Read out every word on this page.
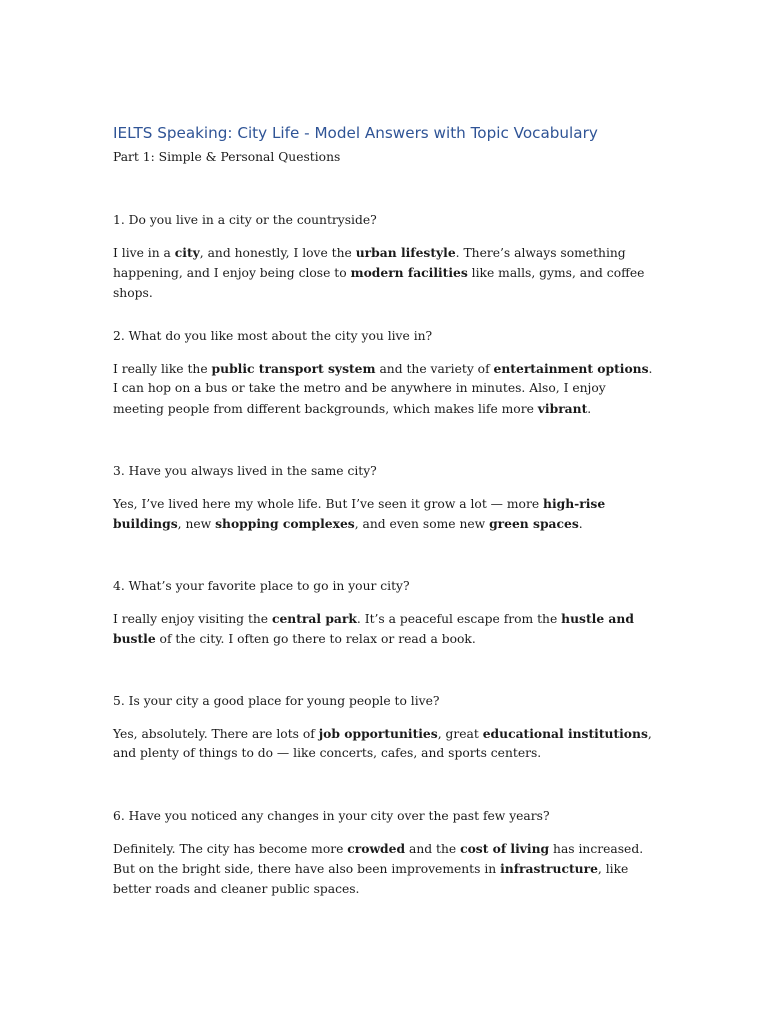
IELTS Speaking: City Life - Model Answers with Topic Vocabulary
Part 1: Simple & Personal Questions

1. Do you live in a city or the countryside?

I live in a city, and honestly, I love the urban lifestyle. There’s always something happening, and I enjoy being close to modern facilities like malls, gyms, and coffee shops.

2. What do you like most about the city you live in?

I really like the public transport system and the variety of entertainment options. I can hop on a bus or take the metro and be anywhere in minutes. Also, I enjoy meeting people from different backgrounds, which makes life more vibrant.

3. Have you always lived in the same city?

Yes, I’ve lived here my whole life. But I’ve seen it grow a lot — more high-rise buildings, new shopping complexes, and even some new green spaces.

4. What’s your favorite place to go in your city?

I really enjoy visiting the central park. It’s a peaceful escape from the hustle and bustle of the city. I often go there to relax or read a book.

5. Is your city a good place for young people to live?

Yes, absolutely. There are lots of job opportunities, great educational institutions, and plenty of things to do — like concerts, cafes, and sports centers.

6. Have you noticed any changes in your city over the past few years?

Definitely. The city has become more crowded and the cost of living has increased. But on the bright side, there have also been improvements in infrastructure, like better roads and cleaner public spaces.
